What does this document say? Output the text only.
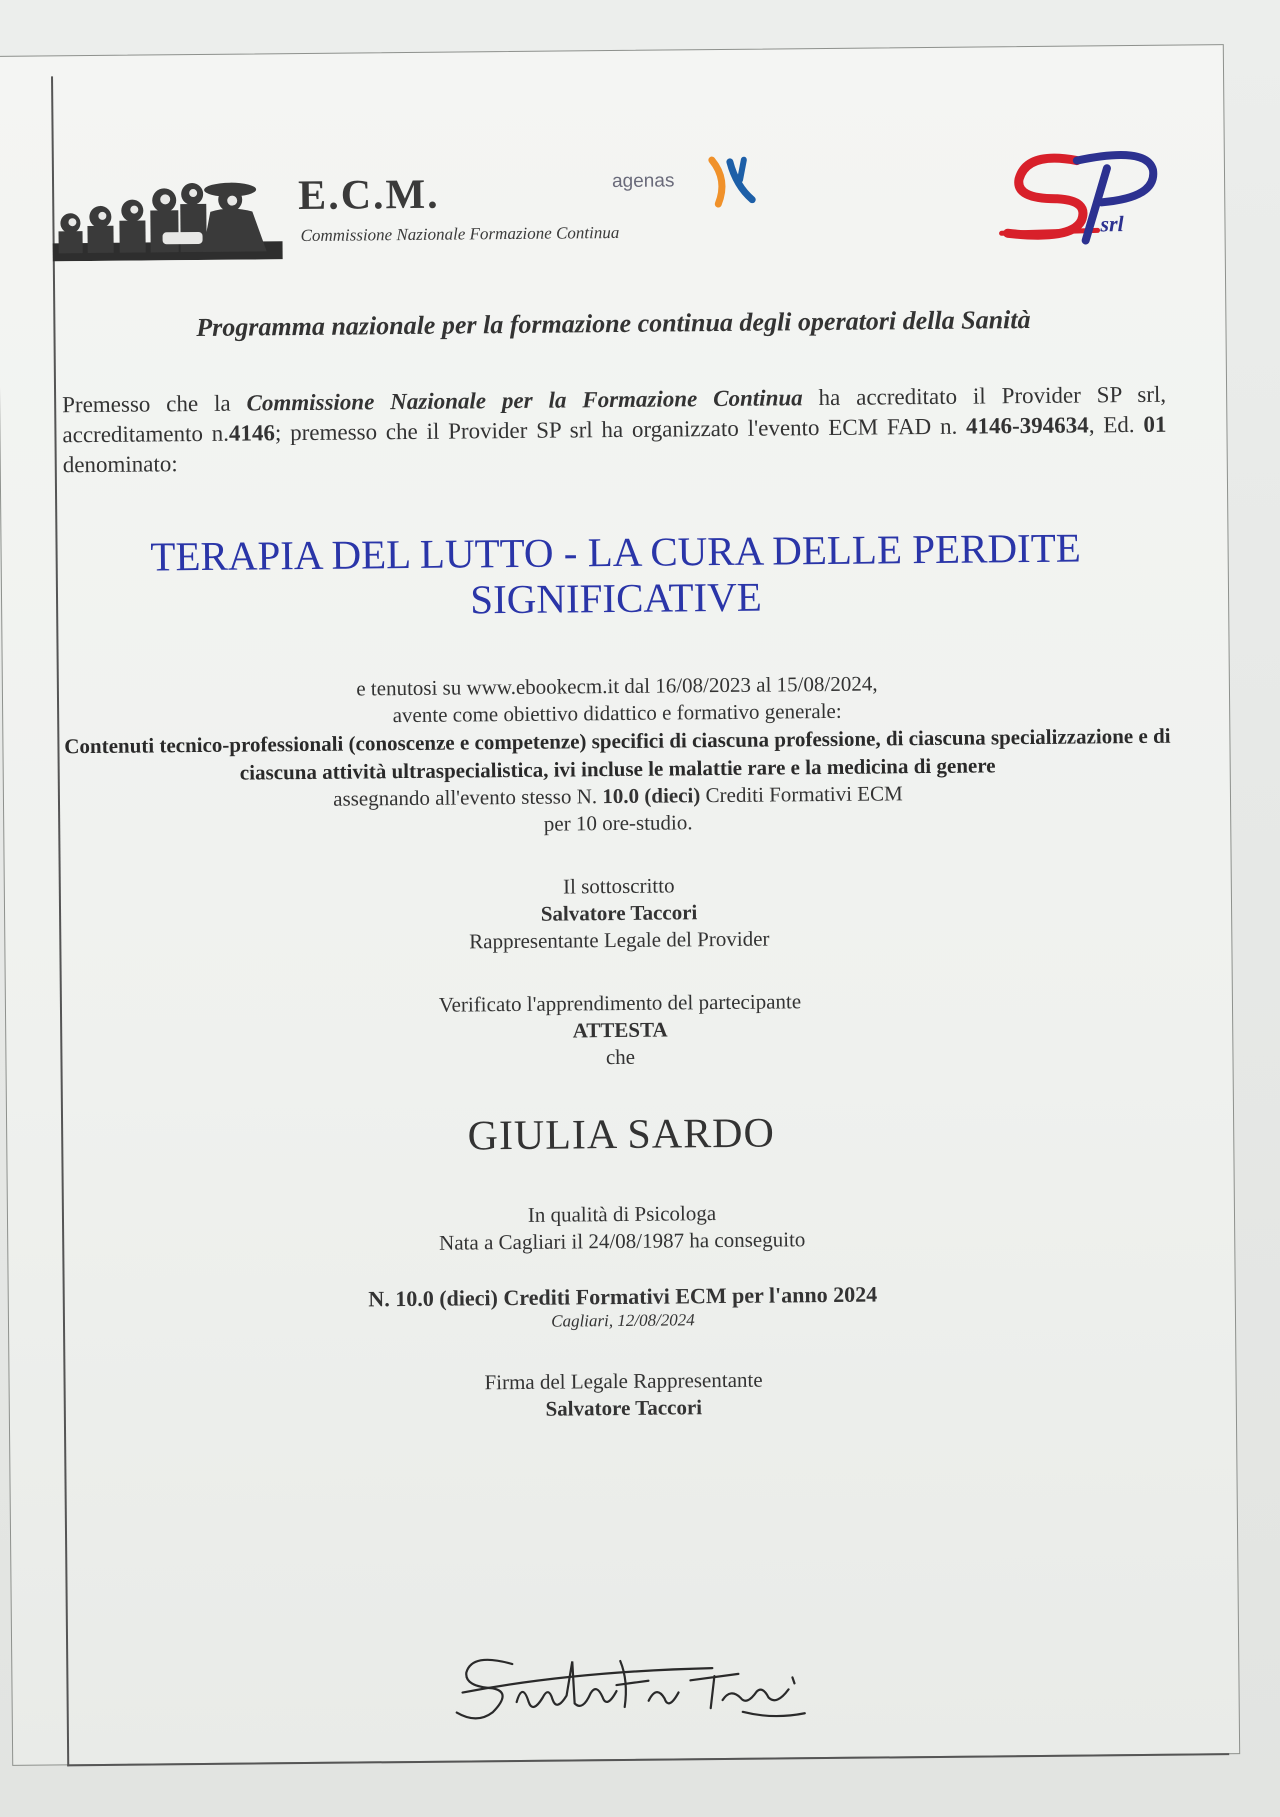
E.C.M.
Commissione Nazionale Formazione Continua
agenas
srl
Programma nazionale per la formazione continua degli operatori della Sanità
Premesso che la Commissione Nazionale per la Formazione Continua ha accreditato il Provider SP srl, accreditamento n.4146; premesso che il Provider SP srl ha organizzato l'evento ECM FAD n. 4146-394634, Ed. 01 denominato:
TERAPIA DEL LUTTO - LA CURA DELLE PERDITE SIGNIFICATIVE
e tenutosi su www.ebookecm.it dal 16/08/2023 al 15/08/2024,
avente come obiettivo didattico e formativo generale:
Contenuti tecnico-professionali (conoscenze e competenze) specifici di ciascuna professione, di ciascuna specializzazione e di ciascuna attività ultraspecialistica, ivi incluse le malattie rare e la medicina di genere
assegnando all'evento stesso N. 10.0 (dieci) Crediti Formativi ECM
per 10 ore-studio.
Il sottoscritto
Salvatore Taccori
Rappresentante Legale del Provider
Verificato l'apprendimento del partecipante
ATTESTA
che
GIULIA SARDO
In qualità di Psicologa
Nata a Cagliari il 24/08/1987 ha conseguito
N. 10.0 (dieci) Crediti Formativi ECM per l'anno 2024
Cagliari, 12/08/2024
Firma del Legale Rappresentante
Salvatore Taccori
